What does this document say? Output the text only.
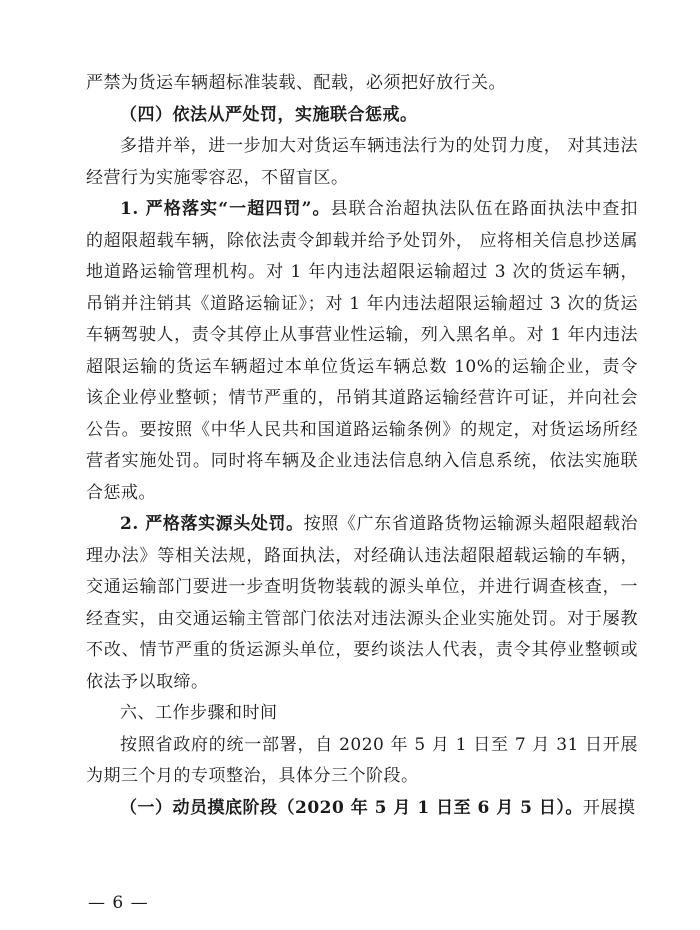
严禁为货运车辆超标准装载、配载，必须把好放行关。

（四）依法从严处罚，实施联合惩戒。

多措并举，进一步加大对货运车辆违法行为的处罚力度， 对其违法经营行为实施零容忍，不留盲区。

1. 严格落实“一超四罚”。县联合治超执法队伍在路面执法中查扣的超限超载车辆，除依法责令卸载并给予处罚外， 应将相关信息抄送属地道路运输管理机构。对 1 年内违法超限运输超过 3 次的货运车辆，吊销并注销其《道路运输证》；对 1 年内违法超限运输超过 3 次的货运车辆驾驶人，责令其停止从事营业性运输，列入黑名单。对 1 年内违法超限运输的货运车辆超过本单位货运车辆总数 10%的运输企业，责令该企业停业整顿；情节严重的，吊销其道路运输经营许可证，并向社会公告。要按照《中华人民共和国道路运输条例》的规定，对货运场所经营者实施处罚。同时将车辆及企业违法信息纳入信息系统，依法实施联合惩戒。

2. 严格落实源头处罚。按照《广东省道路货物运输源头超限超载治理办法》等相关法规，路面执法，对经确认违法超限超载运输的车辆，交通运输部门要进一步查明货物装载的源头单位，并进行调查核查，一经查实，由交通运输主管部门依法对违法源头企业实施处罚。对于屡教不改、情节严重的货运源头单位，要约谈法人代表，责令其停业整顿或依法予以取缔。

六、工作步骤和时间

按照省政府的统一部署，自 2020 年 5 月 1 日至 7 月 31 日开展为期三个月的专项整治，具体分三个阶段。

（一）动员摸底阶段（2020 年 5 月 1 日至 6 月 5 日）。开展摸

— 6 —
